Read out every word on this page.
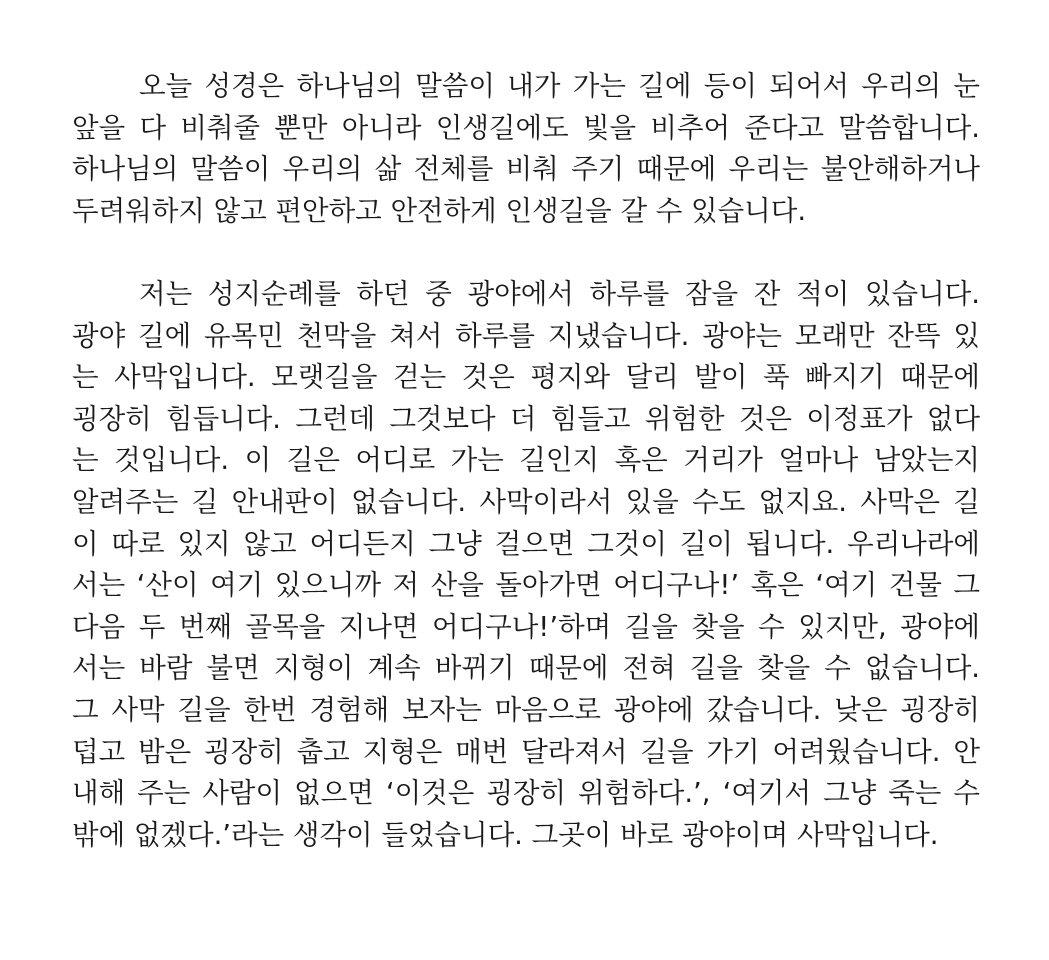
오늘 성경은 하나님의 말씀이 내가 가는 길에 등이 되어서 우리의 눈
앞을 다 비춰줄 뿐만 아니라 인생길에도 빛을 비추어 준다고 말씀합니다.
하나님의 말씀이 우리의 삶 전체를 비춰 주기 때문에 우리는 불안해하거나
두려워하지 않고 편안하고 안전하게 인생길을 갈 수 있습니다.
저는 성지순례를 하던 중 광야에서 하루를 잠을 잔 적이 있습니다.
광야 길에 유목민 천막을 쳐서 하루를 지냈습니다. 광야는 모래만 잔뜩 있
는 사막입니다. 모랫길을 걷는 것은 평지와 달리 발이 푹 빠지기 때문에
굉장히 힘듭니다. 그런데 그것보다 더 힘들고 위험한 것은 이정표가 없다
는 것입니다. 이 길은 어디로 가는 길인지 혹은 거리가 얼마나 남았는지
알려주는 길 안내판이 없습니다. 사막이라서 있을 수도 없지요. 사막은 길
이 따로 있지 않고 어디든지 그냥 걸으면 그것이 길이 됩니다. 우리나라에
서는 ‘산이 여기 있으니까 저 산을 돌아가면 어디구나!’ 혹은 ‘여기 건물 그
다음 두 번째 골목을 지나면 어디구나!’하며 길을 찾을 수 있지만, 광야에
서는 바람 불면 지형이 계속 바뀌기 때문에 전혀 길을 찾을 수 없습니다.
그 사막 길을 한번 경험해 보자는 마음으로 광야에 갔습니다. 낮은 굉장히
덥고 밤은 굉장히 춥고 지형은 매번 달라져서 길을 가기 어려웠습니다. 안
내해 주는 사람이 없으면 ‘이것은 굉장히 위험하다.’, ‘여기서 그냥 죽는 수
밖에 없겠다.’라는 생각이 들었습니다. 그곳이 바로 광야이며 사막입니다.
